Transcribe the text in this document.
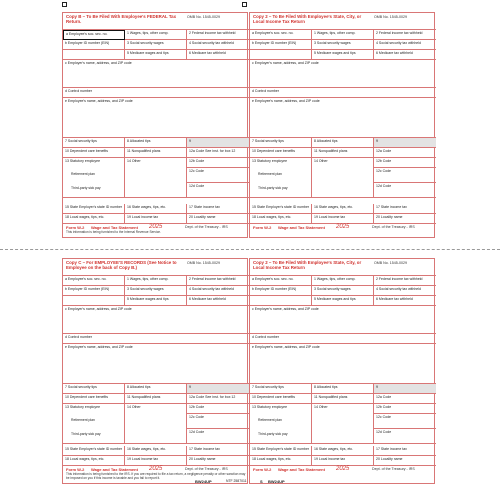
Copy B – To Be Filed With Employee's FEDERAL Tax Return.
OMB No. 1545-0029
a Employee's soc. sec. no.	1 Wages, tips, other comp.	2 Federal income tax withheld
b Employer ID number (EIN)	3 Social security wages	4 Social security tax withheld
5 Medicare wages and tips	6 Medicare tax withheld
c Employer's name, address, and ZIP code
d Control number
e Employee's name, address, and ZIP code
7 Social security tips	8 Allocated tips	9
10 Dependent care benefits	11 Nonqualified plans	12a Code See inst. for box 12
13 Statutory employee
Retirement plan
Third-party sick pay
14 Other	12b Code
12c Code
12d Code
15 State Employer's state ID number 16 State wages, tips, etc.	17 State income tax
18 Local wages, tips, etc.	19 Local income tax	20 Locality name
Form W-2 Wage and Tax Statement 2025	Dept. of the Treasury - IRS
This information is being furnished to the Internal Revenue Service.
Copy 2 – To Be Filed With Employee's State, City, or Local Income Tax Return
OMB No. 1545-0029
a Employee's soc. sec. no.	1 Wages, tips, other comp.	2 Federal income tax withheld
b Employer ID number (EIN)	3 Social security wages	4 Social security tax withheld
5 Medicare wages and tips	6 Medicare tax withheld
c Employer's name, address, and ZIP code
d Control number
e Employee's name, address, and ZIP code
7 Social security tips	8 Allocated tips	9
10 Dependent care benefits	11 Nonqualified plans	12a Code
13 Statutory employee
Retirement plan
Third-party sick pay
14 Other	12b Code
12c Code
12d Code
15 State Employer's state ID number 16 State wages, tips, etc.	17 State income tax
18 Local wages, tips, etc.	19 Local income tax	20 Locality name
Form W-2 Wage and Tax Statement 2025	Dept. of the Treasury - IRS
Copy C – For EMPLOYEE'S RECORDS (See Notice to Employee on the back of Copy B.)
OMB No. 1545-0029
a Employee's soc. sec. no.	1 Wages, tips, other comp.	2 Federal income tax withheld
b Employer ID number (EIN)	3 Social security wages	4 Social security tax withheld
5 Medicare wages and tips	6 Medicare tax withheld
c Employer's name, address, and ZIP code
d Control number
e Employee's name, address, and ZIP code
7 Social security tips	8 Allocated tips	9
10 Dependent care benefits	11 Nonqualified plans	12a Code See inst. for box 12
13 Statutory employee
Retirement plan
Third-party sick pay
14 Other	12b Code
12c Code
12d Code
15 State Employer's state ID number 16 State wages, tips, etc.	17 State income tax
18 Local wages, tips, etc.	19 Local income tax	20 Locality name
Form W-2 Wage and Tax Statement 2025	Dept. of the Treasury - IRS
This information is being furnished to the IRS. If you are required to file a tax return, a negligence penalty or other sanction may be imposed on you if this income is taxable and you fail to report it.
Copy 2 – To Be Filed With Employee's State, City, or Local Income Tax Return
OMB No. 1545-0029
a Employee's soc. sec. no.	1 Wages, tips, other comp.	2 Federal income tax withheld
b Employer ID number (EIN)	3 Social security wages	4 Social security tax withheld
5 Medicare wages and tips	6 Medicare tax withheld
c Employer's name, address, and ZIP code
d Control number
e Employee's name, address, and ZIP code
7 Social security tips	8 Allocated tips	9
10 Dependent care benefits	11 Nonqualified plans	12a Code
13 Statutory employee
Retirement plan
Third-party sick pay
14 Other	12b Code
12c Code
12d Code
15 State Employer's state ID number 16 State wages, tips, etc.	17 State income tax
18 Local wages, tips, etc.	19 Local income tax	20 Locality name
Form W-2 Wage and Tax Statement 2025	Dept. of the Treasury - IRS
BW24UP	NTF 2587011	S BW24UP
